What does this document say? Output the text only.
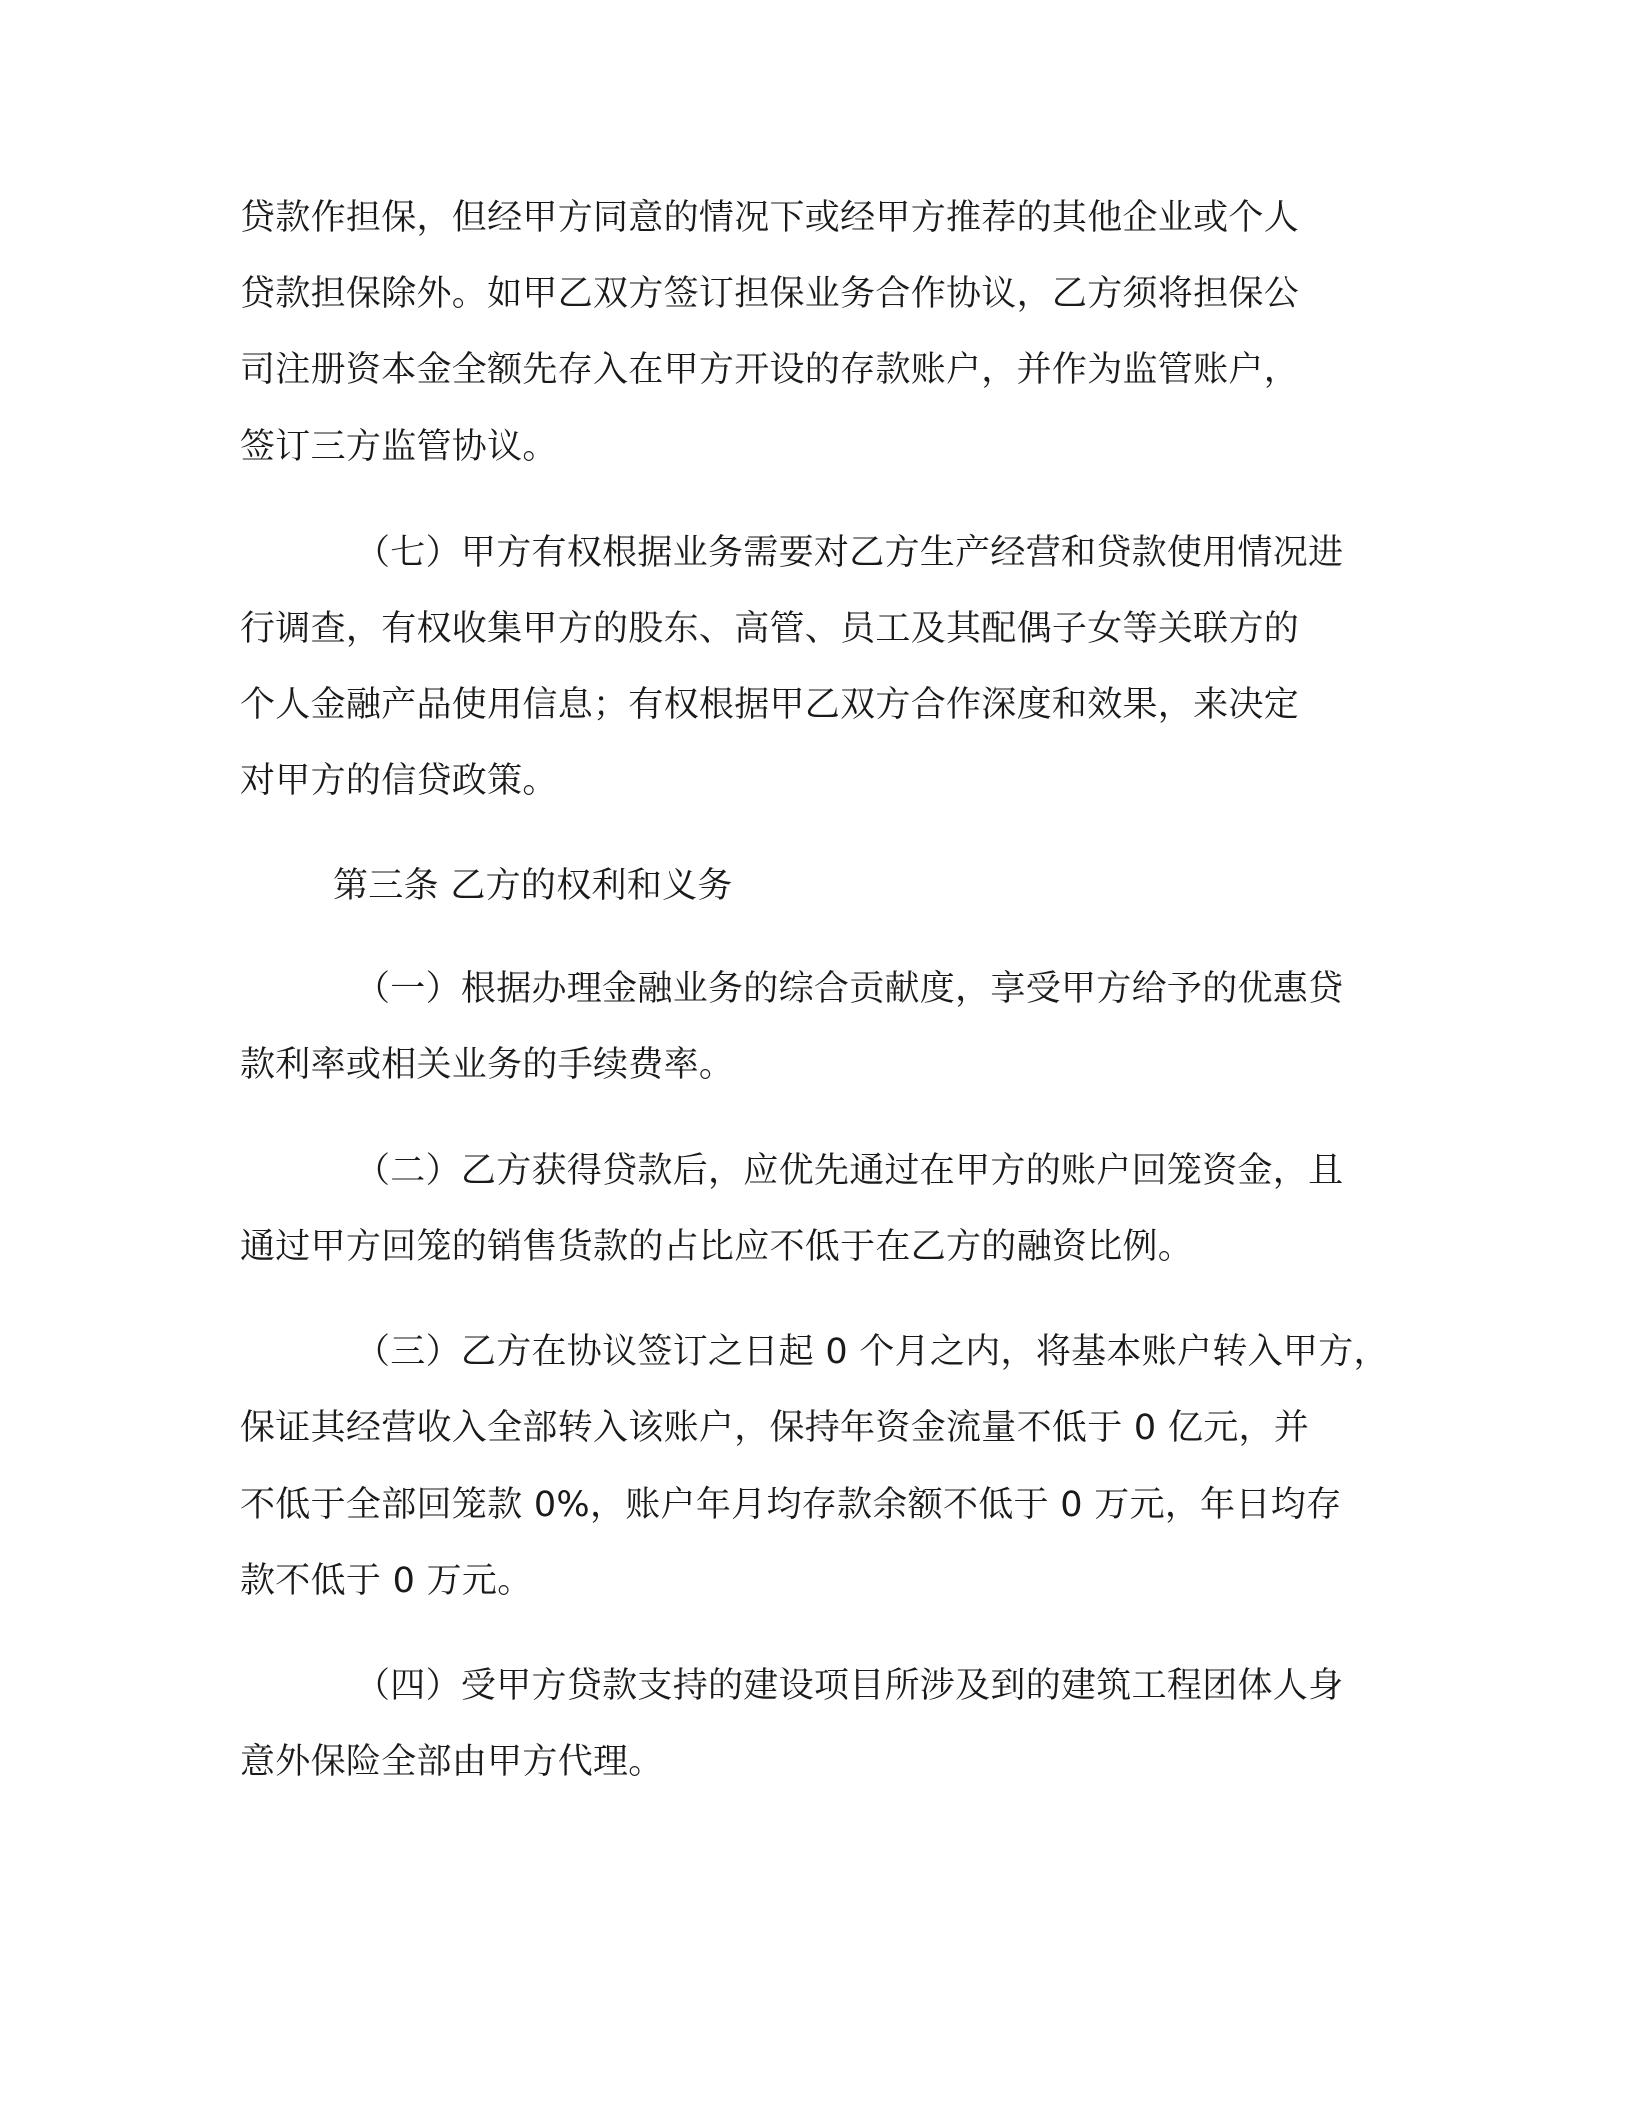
贷款作担保，但经甲方同意的情况下或经甲方推荐的其他企业或个人
贷款担保除外。如甲乙双方签订担保业务合作协议，乙方须将担保公
司注册资本金全额先存入在甲方开设的存款账户，并作为监管账户，
签订三方监管协议。
（七）甲方有权根据业务需要对乙方生产经营和贷款使用情况进
行调查，有权收集甲方的股东、高管、员工及其配偶子女等关联方的
个人金融产品使用信息；有权根据甲乙双方合作深度和效果，来决定
对甲方的信贷政策。
第三条 乙方的权利和义务
（一）根据办理金融业务的综合贡献度，享受甲方给予的优惠贷
款利率或相关业务的手续费率。
（二）乙方获得贷款后，应优先通过在甲方的账户回笼资金，且
通过甲方回笼的销售货款的占比应不低于在乙方的融资比例。
（三）乙方在协议签订之日起 0 个月之内，将基本账户转入甲方，
保证其经营收入全部转入该账户，保持年资金流量不低于 0 亿元，并
不低于全部回笼款 0%，账户年月均存款余额不低于 0 万元，年日均存
款不低于 0 万元。
（四）受甲方贷款支持的建设项目所涉及到的建筑工程团体人身
意外保险全部由甲方代理。
